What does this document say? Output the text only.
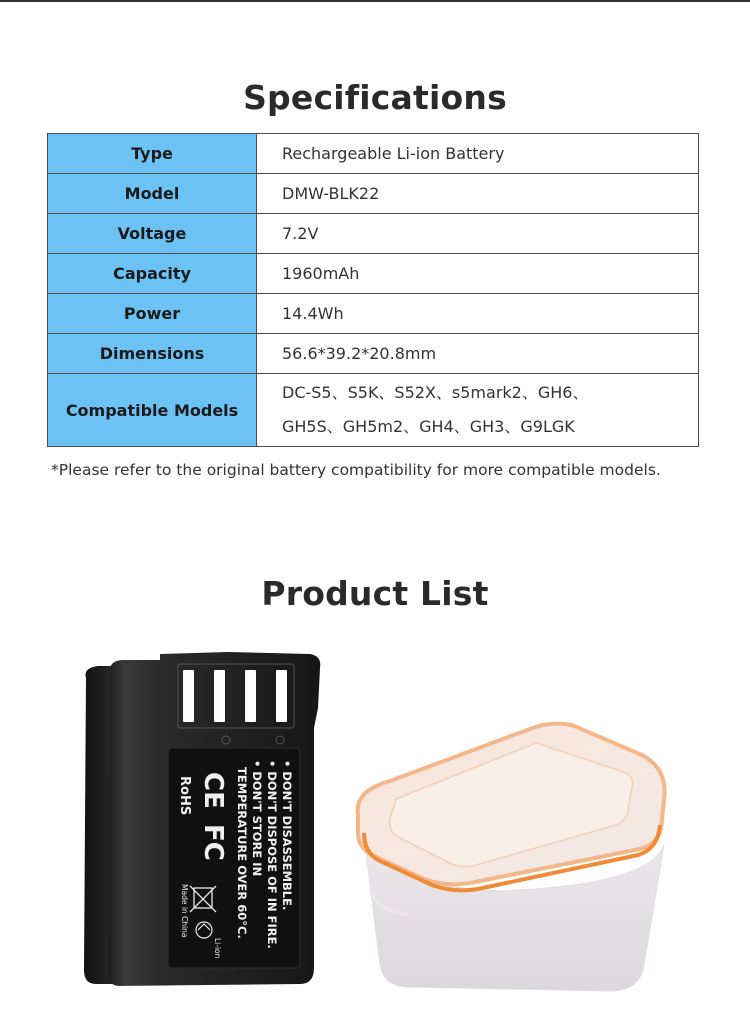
Specifications
Type	Rechargeable Li-ion Battery
Model	DMW-BLK22
Voltage	7.2V
Capacity	1960mAh
Power	14.4Wh
Dimensions	56.6*39.2*20.8mm
Compatible Models	DC-S5、S5K、S52X、s5mark2、GH6、
GH5S、GH5m2、GH4、GH3、G9LGK
*Please refer to the original battery compatibility for more compatible models.
Product List
• DON'T DISASSEMBLE.
• DON'T DISPOSE OF IN FIRE.
• DON'T STORE IN
TEMPERATURE OVER 60°C.
RoHS CE
FC
Made in China
Li-ion
